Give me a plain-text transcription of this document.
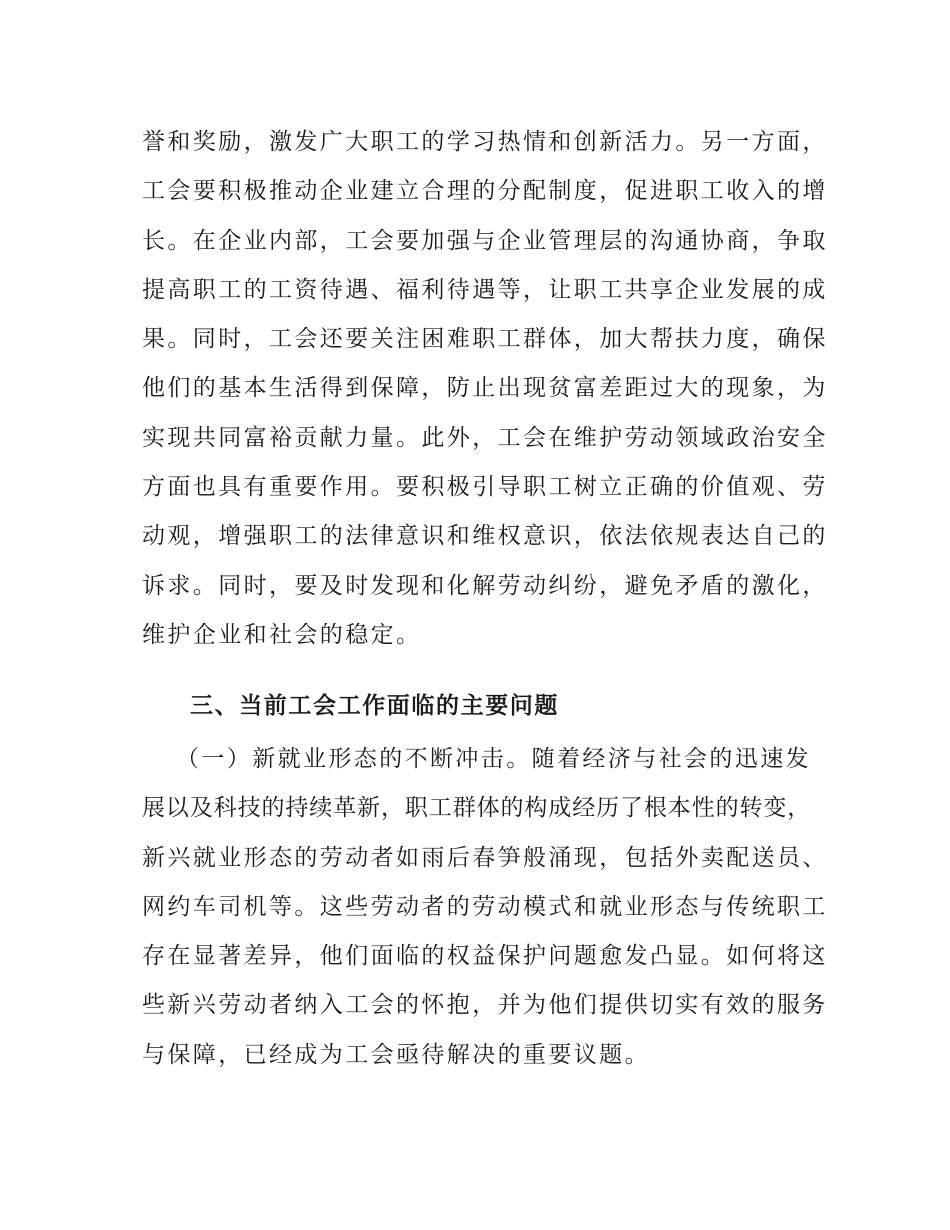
誉和奖励，激发广大职工的学习热情和创新活力。另一方面，
工会要积极推动企业建立合理的分配制度，促进职工收入的增
长。在企业内部，工会要加强与企业管理层的沟通协商，争取
提高职工的工资待遇、福利待遇等，让职工共享企业发展的成
果。同时，工会还要关注困难职工群体，加大帮扶力度，确保
他们的基本生活得到保障，防止出现贫富差距过大的现象，为
实现共同富裕贡献力量。此外，工会在维护劳动领域政治安全
方面也具有重要作用。要积极引导职工树立正确的价值观、劳
动观，增强职工的法律意识和维权意识，依法依规表达自己的
诉求。同时，要及时发现和化解劳动纠纷，避免矛盾的激化，
维护企业和社会的稳定。
三、当前工会工作面临的主要问题
（一）新就业形态的不断冲击。随着经济与社会的迅速发
展以及科技的持续革新，职工群体的构成经历了根本性的转变，
新兴就业形态的劳动者如雨后春笋般涌现，包括外卖配送员、
网约车司机等。这些劳动者的劳动模式和就业形态与传统职工
存在显著差异，他们面临的权益保护问题愈发凸显。如何将这
些新兴劳动者纳入工会的怀抱，并为他们提供切实有效的服务
与保障，已经成为工会亟待解决的重要议题。
